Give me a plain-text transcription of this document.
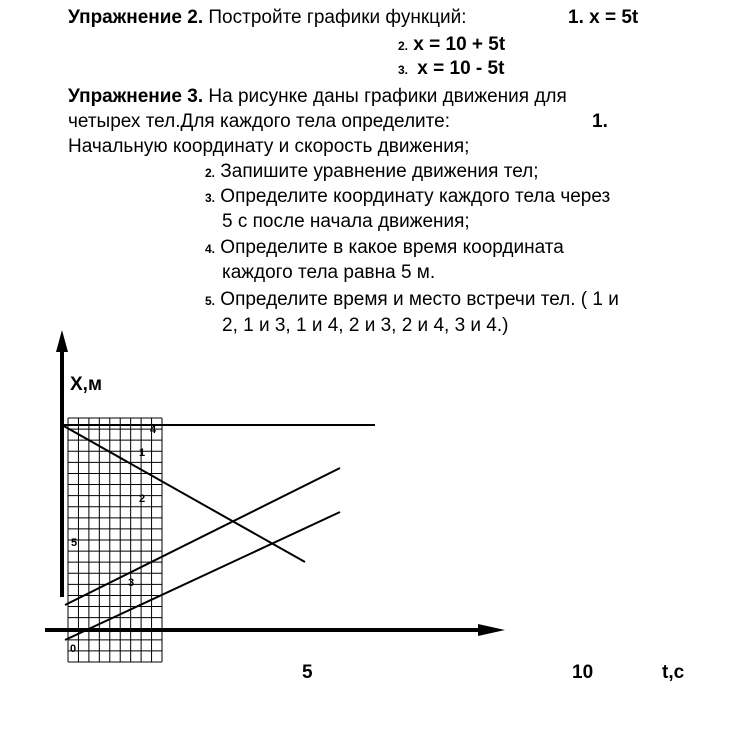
Упражнение 2. Постройте графики функций:	1. x = 5t
2. x = 10 + 5t
3. x = 10 - 5t
Упражнение 3. На рисунке даны графики движения для
четырех тел.Для каждого тела определите:	1.
Начальную координату и скорость движения;
2. Запишите уравнение движения тел;
3. Определите координату каждого тела через
5 с после начала движения;
4. Определите в какое время координата
каждого тела равна 5 м.
5. Определите время и место встречи тел. ( 1 и
2, 1 и 3, 1 и 4, 2 и 3, 2 и 4, 3 и 4.)
4
1
2
5
3
0
X,м
5	10	t,c
